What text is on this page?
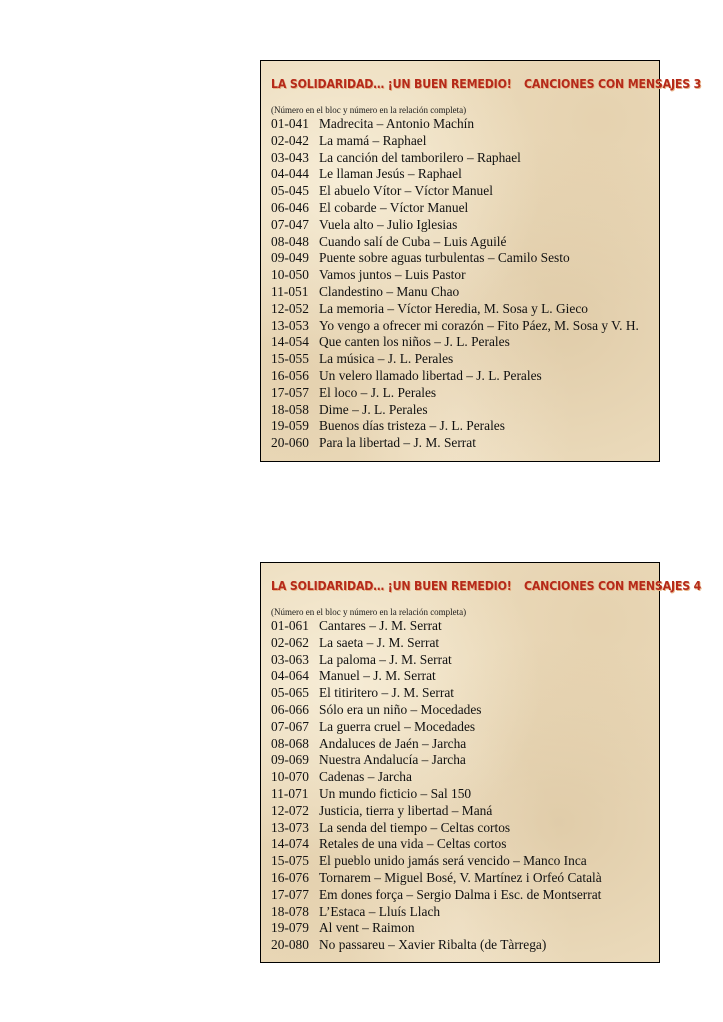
LA SOLIDARIDAD… ¡UN BUEN REMEDIO! CANCIONES CON MENSAJES 3
(Número en el bloc y número en la relación completa)
01-041 Madrecita – Antonio Machín
02-042 La mamá – Raphael
03-043 La canción del tamborilero – Raphael
04-044 Le llaman Jesús – Raphael
05-045 El abuelo Vítor – Víctor Manuel
06-046 El cobarde – Víctor Manuel
07-047 Vuela alto – Julio Iglesias
08-048 Cuando salí de Cuba – Luis Aguilé
09-049 Puente sobre aguas turbulentas – Camilo Sesto
10-050 Vamos juntos – Luis Pastor
11-051 Clandestino – Manu Chao
12-052 La memoria – Víctor Heredia, M. Sosa y L. Gieco
13-053 Yo vengo a ofrecer mi corazón – Fito Páez, M. Sosa y V. H.
14-054 Que canten los niños – J. L. Perales
15-055 La música – J. L. Perales
16-056 Un velero llamado libertad – J. L. Perales
17-057 El loco – J. L. Perales
18-058 Dime – J. L. Perales
19-059 Buenos días tristeza – J. L. Perales
20-060 Para la libertad – J. M. Serrat
LA SOLIDARIDAD… ¡UN BUEN REMEDIO! CANCIONES CON MENSAJES 4
(Número en el bloc y número en la relación completa)
01-061 Cantares – J. M. Serrat
02-062 La saeta – J. M. Serrat
03-063 La paloma – J. M. Serrat
04-064 Manuel – J. M. Serrat
05-065 El titiritero – J. M. Serrat
06-066 Sólo era un niño – Mocedades
07-067 La guerra cruel – Mocedades
08-068 Andaluces de Jaén – Jarcha
09-069 Nuestra Andalucía – Jarcha
10-070 Cadenas – Jarcha
11-071 Un mundo ficticio – Sal 150
12-072 Justicia, tierra y libertad – Maná
13-073 La senda del tiempo – Celtas cortos
14-074 Retales de una vida – Celtas cortos
15-075 El pueblo unido jamás será vencido – Manco Inca
16-076 Tornarem – Miguel Bosé, V. Martínez i Orfeó Català
17-077 Em dones força – Sergio Dalma i Esc. de Montserrat
18-078 L’Estaca – Lluís Llach
19-079 Al vent – Raimon
20-080 No passareu – Xavier Ribalta (de Tàrrega)
